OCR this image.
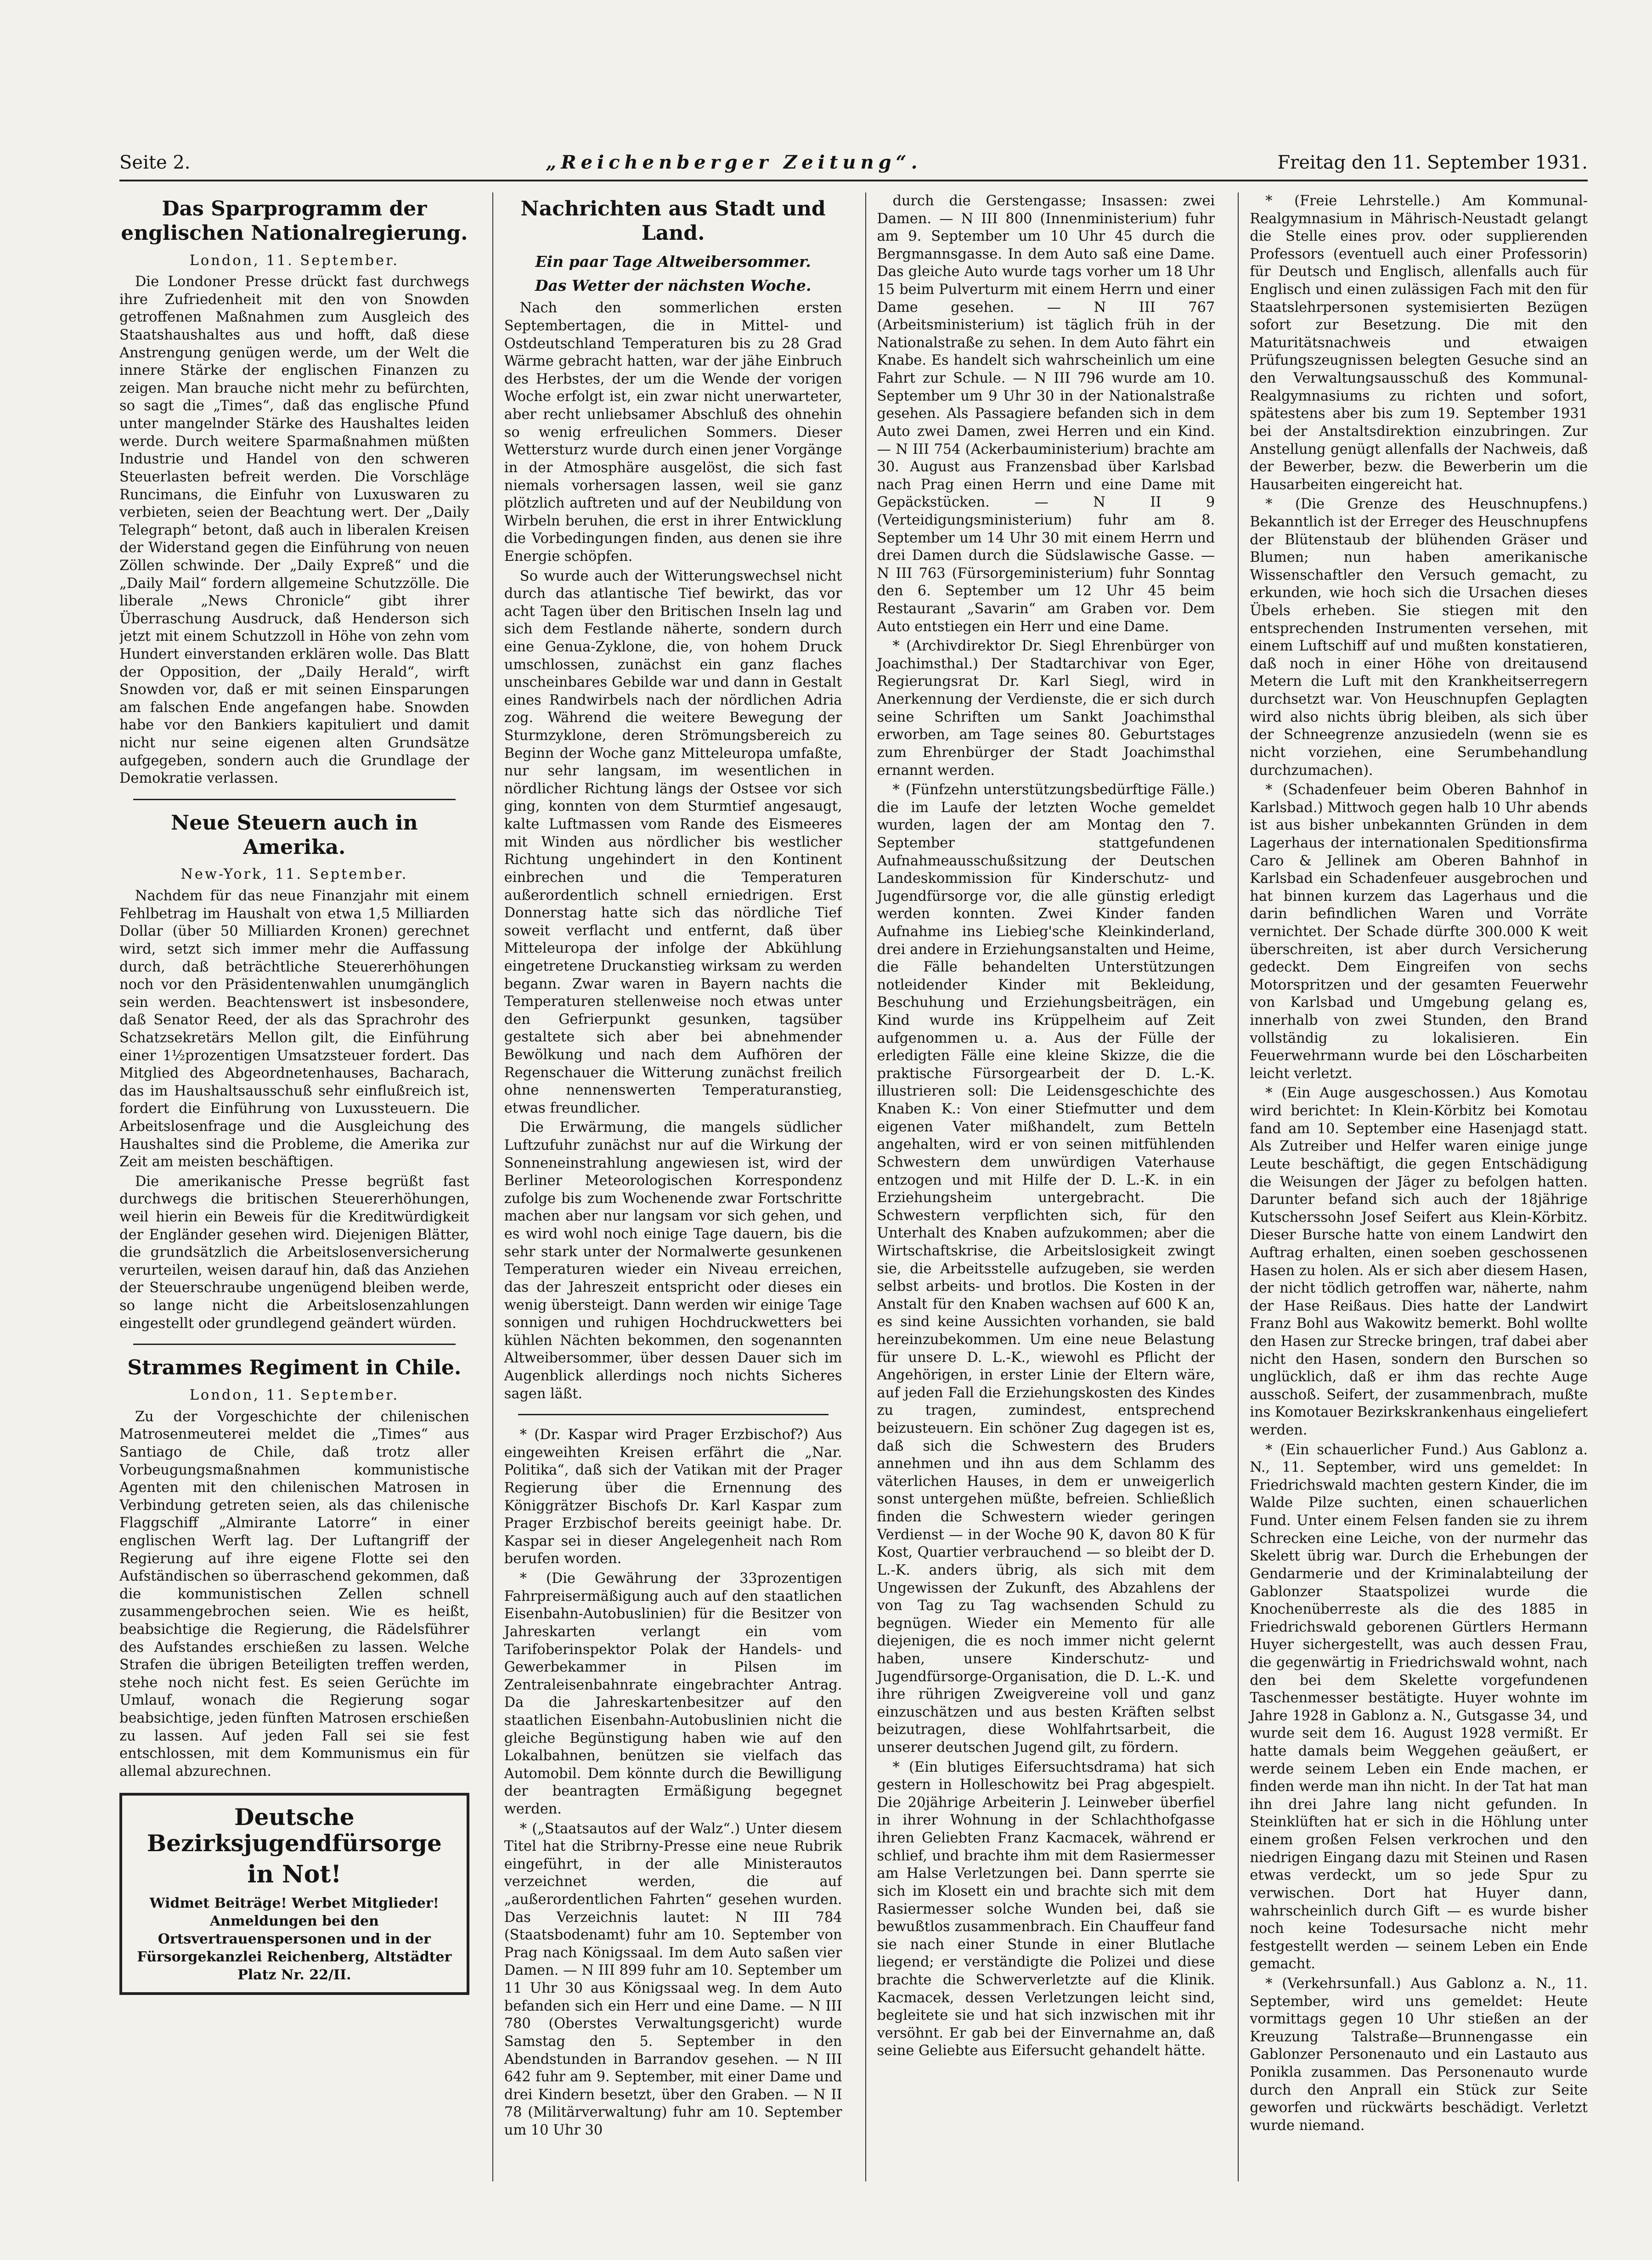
Seite 2.	„Reichenberger Zeitung“.	Freitag den 11. September 1931.
Das Sparprogramm der englischen Nationalregierung.
London, 11. September.

Die Londoner Presse drückt fast durchwegs ihre Zufriedenheit mit den von Snowden getroffenen Maßnahmen zum Ausgleich des Staatshaushaltes aus und hofft, daß diese Anstrengung genügen werde, um der Welt die innere Stärke der englischen Finanzen zu zeigen. Man brauche nicht mehr zu befürchten, so sagt die „Times“, daß das englische Pfund unter mangelnder Stärke des Haushaltes leiden werde. Durch weitere Sparmaßnahmen müßten Industrie und Handel von den schweren Steuerlasten befreit werden. Die Vorschläge Runcimans, die Einfuhr von Luxuswaren zu verbieten, seien der Beachtung wert. Der „Daily Telegraph“ betont, daß auch in liberalen Kreisen der Widerstand gegen die Einführung von neuen Zöllen schwinde. Der „Daily Expreß“ und die „Daily Mail“ fordern allgemeine Schutzzölle. Die liberale „News Chronicle“ gibt ihrer Überraschung Ausdruck, daß Henderson sich jetzt mit einem Schutzzoll in Höhe von zehn vom Hundert einverstanden erklären wolle. Das Blatt der Opposition, der „Daily Herald“, wirft Snowden vor, daß er mit seinen Einsparungen am falschen Ende angefangen habe. Snowden habe vor den Bankiers kapituliert und damit nicht nur seine eigenen alten Grundsätze aufgegeben, sondern auch die Grundlage der Demokratie verlassen.

Neue Steuern auch in Amerika.
New-York, 11. September.

Nachdem für das neue Finanzjahr mit einem Fehlbetrag im Haushalt von etwa 1,5 Milliarden Dollar (über 50 Milliarden Kronen) gerechnet wird, setzt sich immer mehr die Auffassung durch, daß beträchtliche Steuererhöhungen noch vor den Präsidentenwahlen unumgänglich sein werden. Beachtenswert ist insbesondere, daß Senator Reed, der als das Sprachrohr des Schatzsekretärs Mellon gilt, die Einführung einer 1½prozentigen Umsatzsteuer fordert. Das Mitglied des Abgeordnetenhauses, Bacharach, das im Haushaltsausschuß sehr einflußreich ist, fordert die Einführung von Luxussteuern. Die Arbeitslosenfrage und die Ausgleichung des Haushaltes sind die Probleme, die Amerika zur Zeit am meisten beschäftigen.

Die amerikanische Presse begrüßt fast durchwegs die britischen Steuererhöhungen, weil hierin ein Beweis für die Kreditwürdigkeit der Engländer gesehen wird. Diejenigen Blätter, die grundsätzlich die Arbeitslosenversicherung verurteilen, weisen darauf hin, daß das Anziehen der Steuerschraube ungenügend bleiben werde, so lange nicht die Arbeitslosenzahlungen eingestellt oder grundlegend geändert würden.

Strammes Regiment in Chile.
London, 11. September.

Zu der Vorgeschichte der chilenischen Matrosenmeuterei meldet die „Times“ aus Santiago de Chile, daß trotz aller Vorbeugungsmaßnahmen kommunistische Agenten mit den chilenischen Matrosen in Verbindung getreten seien, als das chilenische Flaggschiff „Almirante Latorre“ in einer englischen Werft lag. Der Luftangriff der Regierung auf ihre eigene Flotte sei den Aufständischen so überraschend gekommen, daß die kommunistischen Zellen schnell zusammengebrochen seien. Wie es heißt, beabsichtige die Regierung, die Rädelsführer des Aufstandes erschießen zu lassen. Welche Strafen die übrigen Beteiligten treffen werden, stehe noch nicht fest. Es seien Gerüchte im Umlauf, wonach die Regierung sogar beabsichtige, jeden fünften Matrosen erschießen zu lassen. Auf jeden Fall sei sie fest entschlossen, mit dem Kommunismus ein für allemal abzurechnen.

Deutsche Bezirksjugendfürsorge
in Not!
Widmet Beiträge! Werbet Mitglieder! Anmeldungen bei den Ortsvertrauenspersonen und in der Fürsorgekanzlei Reichenberg, Altstädter Platz Nr. 22/II.
Nachrichten aus Stadt und Land.
Ein paar Tage Altweibersommer.
Das Wetter der nächsten Woche.

Nach den sommerlichen ersten Septembertagen, die in Mittel- und Ostdeutschland Temperaturen bis zu 28 Grad Wärme gebracht hatten, war der jähe Einbruch des Herbstes, der um die Wende der vorigen Woche erfolgt ist, ein zwar nicht unerwarteter, aber recht unliebsamer Abschluß des ohnehin so wenig erfreulichen Sommers. Dieser Wettersturz wurde durch einen jener Vorgänge in der Atmosphäre ausgelöst, die sich fast niemals vorhersagen lassen, weil sie ganz plötzlich auftreten und auf der Neubildung von Wirbeln beruhen, die erst in ihrer Entwicklung die Vorbedingungen finden, aus denen sie ihre Energie schöpfen.

So wurde auch der Witterungswechsel nicht durch das atlantische Tief bewirkt, das vor acht Tagen über den Britischen Inseln lag und sich dem Festlande näherte, sondern durch eine Genua-Zyklone, die, von hohem Druck umschlossen, zunächst ein ganz flaches unscheinbares Gebilde war und dann in Gestalt eines Randwirbels nach der nördlichen Adria zog. Während die weitere Bewegung der Sturmzyklone, deren Strömungsbereich zu Beginn der Woche ganz Mitteleuropa umfaßte, nur sehr langsam, im wesentlichen in nördlicher Richtung längs der Ostsee vor sich ging, konnten von dem Sturmtief angesaugt, kalte Luftmassen vom Rande des Eismeeres mit Winden aus nördlicher bis westlicher Richtung ungehindert in den Kontinent einbrechen und die Temperaturen außerordentlich schnell erniedrigen. Erst Donnerstag hatte sich das nördliche Tief soweit verflacht und entfernt, daß über Mitteleuropa der infolge der Abkühlung eingetretene Druckanstieg wirksam zu werden begann. Zwar waren in Bayern nachts die Temperaturen stellenweise noch etwas unter den Gefrierpunkt gesunken, tagsüber gestaltete sich aber bei abnehmender Bewölkung und nach dem Aufhören der Regenschauer die Witterung zunächst freilich ohne nennenswerten Temperaturanstieg, etwas freundlicher.

Die Erwärmung, die mangels südlicher Luftzufuhr zunächst nur auf die Wirkung der Sonneneinstrahlung angewiesen ist, wird der Berliner Meteorologischen Korrespondenz zufolge bis zum Wochenende zwar Fortschritte machen aber nur langsam vor sich gehen, und es wird wohl noch einige Tage dauern, bis die sehr stark unter der Normalwerte gesunkenen Temperaturen wieder ein Niveau erreichen, das der Jahreszeit entspricht oder dieses ein wenig übersteigt. Dann werden wir einige Tage sonnigen und ruhigen Hochdruckwetters bei kühlen Nächten bekommen, den sogenannten Altweibersommer, über dessen Dauer sich im Augenblick allerdings noch nichts Sicheres sagen läßt.

* (Dr. Kaspar wird Prager Erzbischof?) Aus eingeweihten Kreisen erfährt die „Nar. Politika“, daß sich der Vatikan mit der Prager Regierung über die Ernennung des Königgrätzer Bischofs Dr. Karl Kaspar zum Prager Erzbischof bereits geeinigt habe. Dr. Kaspar sei in dieser Angelegenheit nach Rom berufen worden.

* (Die Gewährung der 33prozentigen Fahrpreisermäßigung auch auf den staatlichen Eisenbahn-Autobuslinien) für die Besitzer von Jahreskarten verlangt ein vom Tarifoberinspektor Polak der Handels- und Gewerbekammer in Pilsen im Zentraleisenbahnrate eingebrachter Antrag. Da die Jahreskartenbesitzer auf den staatlichen Eisenbahn-Autobuslinien nicht die gleiche Begünstigung haben wie auf den Lokalbahnen, benützen sie vielfach das Automobil. Dem könnte durch die Bewilligung der beantragten Ermäßigung begegnet werden.

* („Staatsautos auf der Walz“.) Unter diesem Titel hat die Stribrny-Presse eine neue Rubrik eingeführt, in der alle Ministerautos verzeichnet werden, die auf „außerordentlichen Fahrten“ gesehen wurden. Das Verzeichnis lautet: N III 784 (Staatsbodenamt) fuhr am 10. September von Prag nach Königssaal. Im dem Auto saßen vier Damen. — N III 899 fuhr am 10. September um 11 Uhr 30 aus Königssaal weg. In dem Auto befanden sich ein Herr und eine Dame. — N III 780 (Oberstes Verwaltungsgericht) wurde Samstag den 5. September in den Abendstunden in Barrandov gesehen. — N III 642 fuhr am 9. September, mit einer Dame und drei Kindern besetzt, über den Graben. — N II 78 (Militärverwaltung) fuhr am 10. September um 10 Uhr 30

durch die Gerstengasse; Insassen: zwei Damen. — N III 800 (Innenministerium) fuhr am 9. September um 10 Uhr 45 durch die Bergmannsgasse. In dem Auto saß eine Dame. Das gleiche Auto wurde tags vorher um 18 Uhr 15 beim Pulverturm mit einem Herrn und einer Dame gesehen. — N III 767 (Arbeitsministerium) ist täglich früh in der Nationalstraße zu sehen. In dem Auto fährt ein Knabe. Es handelt sich wahrscheinlich um eine Fahrt zur Schule. — N III 796 wurde am 10. September um 9 Uhr 30 in der Nationalstraße gesehen. Als Passagiere befanden sich in dem Auto zwei Damen, zwei Herren und ein Kind. — N III 754 (Ackerbauministerium) brachte am 30. August aus Franzensbad über Karlsbad nach Prag einen Herrn und eine Dame mit Gepäckstücken. — N II 9 (Verteidigungsministerium) fuhr am 8. September um 14 Uhr 30 mit einem Herrn und drei Damen durch die Südslawische Gasse. — N III 763 (Fürsorgeministerium) fuhr Sonntag den 6. September um 12 Uhr 45 beim Restaurant „Savarin“ am Graben vor. Dem Auto entstiegen ein Herr und eine Dame.

* (Archivdirektor Dr. Siegl Ehrenbürger von Joachimsthal.) Der Stadtarchivar von Eger, Regierungsrat Dr. Karl Siegl, wird in Anerkennung der Verdienste, die er sich durch seine Schriften um Sankt Joachimsthal erworben, am Tage seines 80. Geburtstages zum Ehrenbürger der Stadt Joachimsthal ernannt werden.

* (Fünfzehn unterstützungsbedürftige Fälle.) die im Laufe der letzten Woche gemeldet wurden, lagen der am Montag den 7. September stattgefundenen Aufnahmeausschußsitzung der Deutschen Landeskommission für Kinderschutz- und Jugendfürsorge vor, die alle günstig erledigt werden konnten. Zwei Kinder fanden Aufnahme ins Liebieg'sche Kleinkinderland, drei andere in Erziehungsanstalten und Heime, die Fälle behandelten Unterstützungen notleidender Kinder mit Bekleidung, Beschuhung und Erziehungsbeiträgen, ein Kind wurde ins Krüppelheim auf Zeit aufgenommen u. a. Aus der Fülle der erledigten Fälle eine kleine Skizze, die die praktische Fürsorgearbeit der D. L.-K. illustrieren soll: Die Leidensgeschichte des Knaben K.: Von einer Stiefmutter und dem eigenen Vater mißhandelt, zum Betteln angehalten, wird er von seinen mitfühlenden Schwestern dem unwürdigen Vaterhause entzogen und mit Hilfe der D. L.-K. in ein Erziehungsheim untergebracht. Die Schwestern verpflichten sich, für den Unterhalt des Knaben aufzukommen; aber die Wirtschaftskrise, die Arbeitslosigkeit zwingt sie, die Arbeitsstelle aufzugeben, sie werden selbst arbeits- und brotlos. Die Kosten in der Anstalt für den Knaben wachsen auf 600 K an, es sind keine Aussichten vorhanden, sie bald hereinzubekommen. Um eine neue Belastung für unsere D. L.-K., wiewohl es Pflicht der Angehörigen, in erster Linie der Eltern wäre, auf jeden Fall die Erziehungskosten des Kindes zu tragen, zumindest, entsprechend beizusteuern. Ein schöner Zug dagegen ist es, daß sich die Schwestern des Bruders annehmen und ihn aus dem Schlamm des väterlichen Hauses, in dem er unweigerlich sonst untergehen müßte, befreien. Schließlich finden die Schwestern wieder geringen Verdienst — in der Woche 90 K, davon 80 K für Kost, Quartier verbrauchend — so bleibt der D. L.-K. anders übrig, als sich mit dem Ungewissen der Zukunft, des Abzahlens der von Tag zu Tag wachsenden Schuld zu begnügen. Wieder ein Memento für alle diejenigen, die es noch immer nicht gelernt haben, unsere Kinderschutz- und Jugendfürsorge-Organisation, die D. L.-K. und ihre rührigen Zweigvereine voll und ganz einzuschätzen und aus besten Kräften selbst beizutragen, diese Wohlfahrtsarbeit, die unserer deutschen Jugend gilt, zu fördern.

* (Ein blutiges Eifersuchtsdrama) hat sich gestern in Holleschowitz bei Prag abgespielt. Die 20jährige Arbeiterin J. Leinweber überfiel in ihrer Wohnung in der Schlachthofgasse ihren Geliebten Franz Kacmacek, während er schlief, und brachte ihm mit dem Rasiermesser am Halse Verletzungen bei. Dann sperrte sie sich im Klosett ein und brachte sich mit dem Rasiermesser solche Wunden bei, daß sie bewußtlos zusammenbrach. Ein Chauffeur fand sie nach einer Stunde in einer Blutlache liegend; er verständigte die Polizei und diese brachte die Schwerverletzte auf die Klinik. Kacmacek, dessen Verletzungen leicht sind, begleitete sie und hat sich inzwischen mit ihr versöhnt. Er gab bei der Einvernahme an, daß seine Geliebte aus Eifersucht gehandelt hätte.

* (Freie Lehrstelle.) Am Kommunal-Realgymnasium in Mährisch-Neustadt gelangt die Stelle eines prov. oder supplierenden Professors (eventuell auch einer Professorin) für Deutsch und Englisch, allenfalls auch für Englisch und einen zulässigen Fach mit den für Staatslehrpersonen systemisierten Bezügen sofort zur Besetzung. Die mit den Maturitätsnachweis und etwaigen Prüfungszeugnissen belegten Gesuche sind an den Verwaltungsausschuß des Kommunal-Realgymnasiums zu richten und sofort, spätestens aber bis zum 19. September 1931 bei der Anstaltsdirektion einzubringen. Zur Anstellung genügt allenfalls der Nachweis, daß der Bewerber, bezw. die Bewerberin um die Hausarbeiten eingereicht hat.

* (Die Grenze des Heuschnupfens.) Bekanntlich ist der Erreger des Heuschnupfens der Blütenstaub der blühenden Gräser und Blumen; nun haben amerikanische Wissenschaftler den Versuch gemacht, zu erkunden, wie hoch sich die Ursachen dieses Übels erheben. Sie stiegen mit den entsprechenden Instrumenten versehen, mit einem Luftschiff auf und mußten konstatieren, daß noch in einer Höhe von dreitausend Metern die Luft mit den Krankheitserregern durchsetzt war. Von Heuschnupfen Geplagten wird also nichts übrig bleiben, als sich über der Schneegrenze anzusiedeln (wenn sie es nicht vorziehen, eine Serumbehandlung durchzumachen).

* (Schadenfeuer beim Oberen Bahnhof in Karlsbad.) Mittwoch gegen halb 10 Uhr abends ist aus bisher unbekannten Gründen in dem Lagerhaus der internationalen Speditionsfirma Caro & Jellinek am Oberen Bahnhof in Karlsbad ein Schadenfeuer ausgebrochen und hat binnen kurzem das Lagerhaus und die darin befindlichen Waren und Vorräte vernichtet. Der Schade dürfte 300.000 K weit überschreiten, ist aber durch Versicherung gedeckt. Dem Eingreifen von sechs Motorspritzen und der gesamten Feuerwehr von Karlsbad und Umgebung gelang es, innerhalb von zwei Stunden, den Brand vollständig zu lokalisieren. Ein Feuerwehrmann wurde bei den Löscharbeiten leicht verletzt.

* (Ein Auge ausgeschossen.) Aus Komotau wird berichtet: In Klein-Körbitz bei Komotau fand am 10. September eine Hasenjagd statt. Als Zutreiber und Helfer waren einige junge Leute beschäftigt, die gegen Entschädigung die Weisungen der Jäger zu befolgen hatten. Darunter befand sich auch der 18jährige Kutscherssohn Josef Seifert aus Klein-Körbitz. Dieser Bursche hatte von einem Landwirt den Auftrag erhalten, einen soeben geschossenen Hasen zu holen. Als er sich aber diesem Hasen, der nicht tödlich getroffen war, näherte, nahm der Hase Reißaus. Dies hatte der Landwirt Franz Bohl aus Wakowitz bemerkt. Bohl wollte den Hasen zur Strecke bringen, traf dabei aber nicht den Hasen, sondern den Burschen so unglücklich, daß er ihm das rechte Auge ausschoß. Seifert, der zusammenbrach, mußte ins Komotauer Bezirkskrankenhaus eingeliefert werden.

* (Ein schauerlicher Fund.) Aus Gablonz a. N., 11. September, wird uns gemeldet: In Friedrichswald machten gestern Kinder, die im Walde Pilze suchten, einen schauerlichen Fund. Unter einem Felsen fanden sie zu ihrem Schrecken eine Leiche, von der nurmehr das Skelett übrig war. Durch die Erhebungen der Gendarmerie und der Kriminalabteilung der Gablonzer Staatspolizei wurde die Knochenüberreste als die des 1885 in Friedrichswald geborenen Gürtlers Hermann Huyer sichergestellt, was auch dessen Frau, die gegenwärtig in Friedrichswald wohnt, nach den bei dem Skelette vorgefundenen Taschenmesser bestätigte. Huyer wohnte im Jahre 1928 in Gablonz a. N., Gutsgasse 34, und wurde seit dem 16. August 1928 vermißt. Er hatte damals beim Weggehen geäußert, er werde seinem Leben ein Ende machen, er finden werde man ihn nicht. In der Tat hat man ihn drei Jahre lang nicht gefunden. In Steinklüften hat er sich in die Höhlung unter einem großen Felsen verkrochen und den niedrigen Eingang dazu mit Steinen und Rasen etwas verdeckt, um so jede Spur zu verwischen. Dort hat Huyer dann, wahrscheinlich durch Gift — es wurde bisher noch keine Todesursache nicht mehr festgestellt werden — seinem Leben ein Ende gemacht.

* (Verkehrsunfall.) Aus Gablonz a. N., 11. September, wird uns gemeldet: Heute vormittags gegen 10 Uhr stießen an der Kreuzung Talstraße—Brunnengasse ein Gablonzer Personenauto und ein Lastauto aus Ponikla zusammen. Das Personenauto wurde durch den Anprall ein Stück zur Seite geworfen und rückwärts beschädigt. Verletzt wurde niemand.
